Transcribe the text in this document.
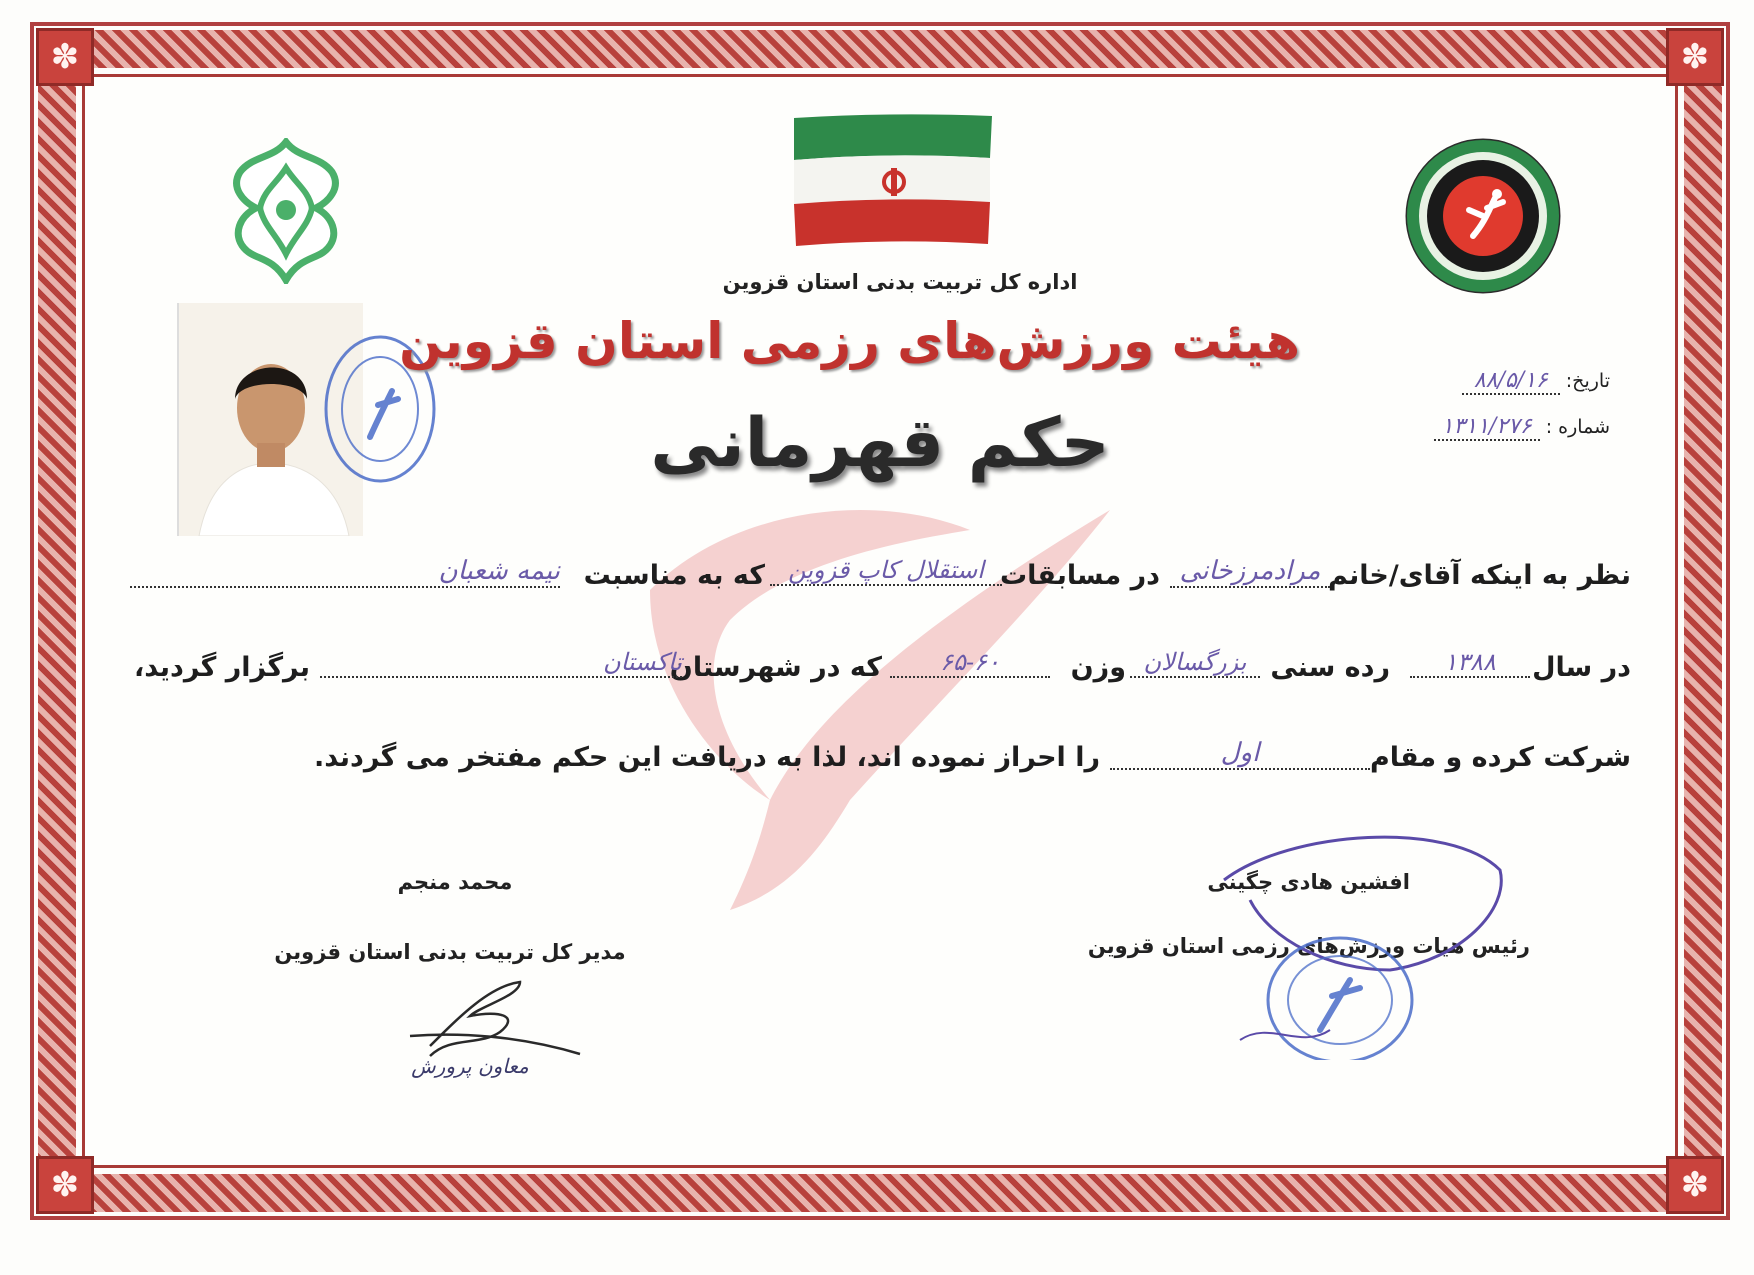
✽	✽
✽	✽
اداره کل تربیت بدنی استان قزوین
هیئت ورزش‌های رزمی استان قزوین
حکم قهرمانی
تاریخ: ۸۸/۵/۱۶
شماره : ۱۳۱۱/۲۷۶
نظر به اینکه آقای/خانم
مرادمرزخانی
در مسابقات
استقلال کاپ قزوین
که به مناسبت
نیمه شعبان
در سال
۱۳۸۸
رده سنی
بزرگسالان
وزن
۶۵-۶۰
که در شهرستان
تاکستان
برگزار گردید،
شرکت کرده و مقام
اول
را احراز نموده اند، لذا به دریافت این حکم مفتخر می گردند.
افشین هادی چگینی
رئیس هیات ورزش‌های رزمی استان قزوین
محمد منجم
مدیر کل تربیت بدنی استان قزوین
معاون پرورش
